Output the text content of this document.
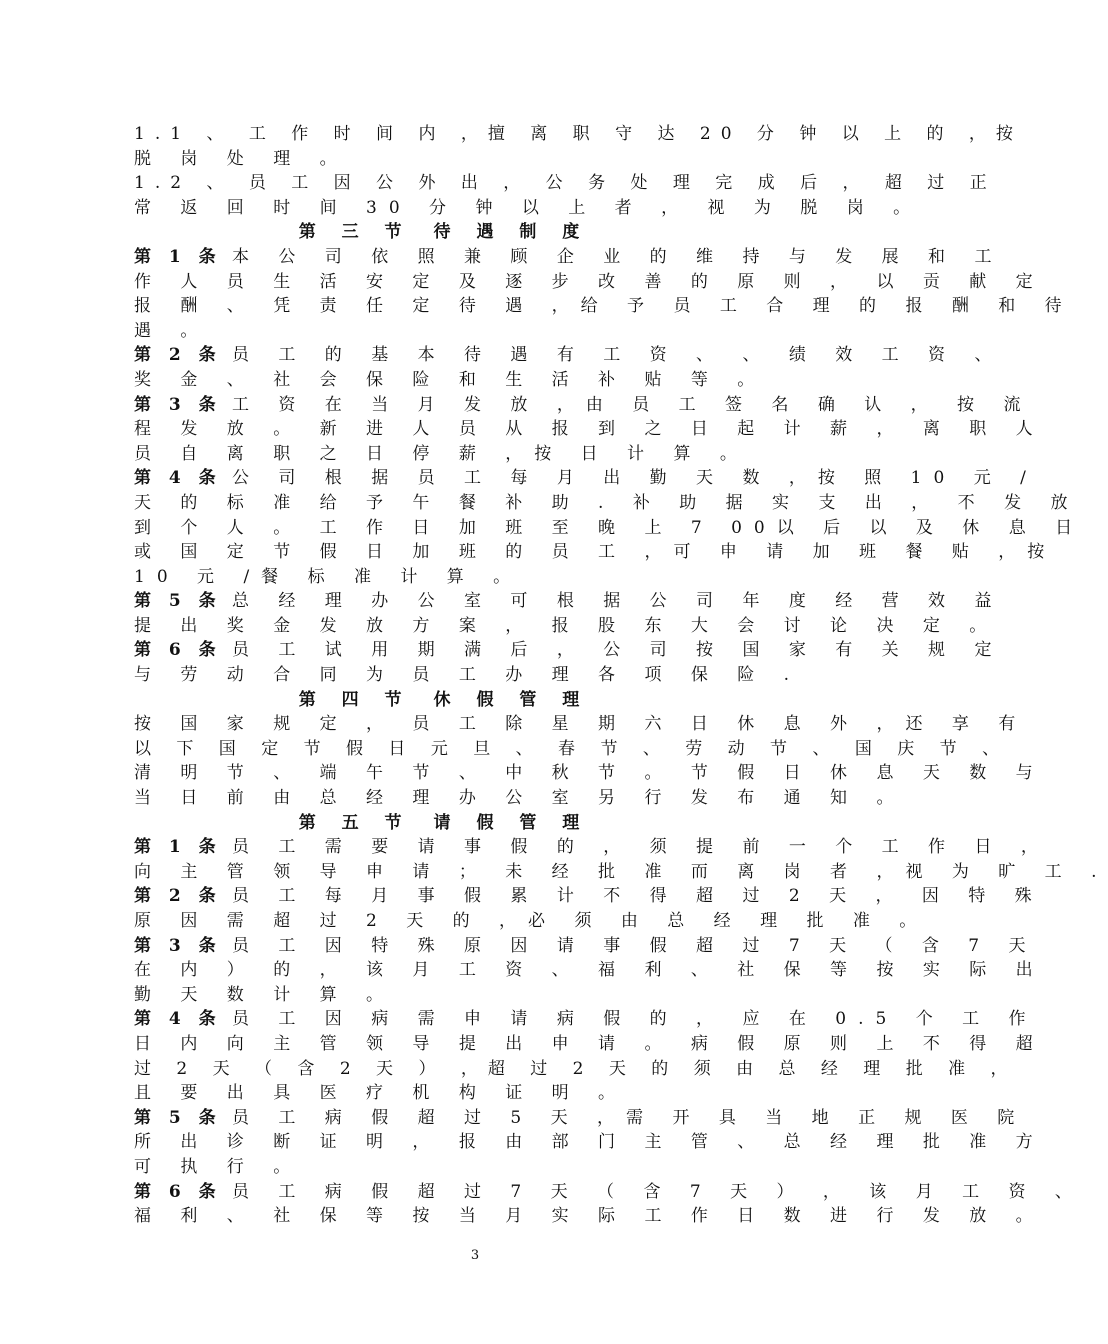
1.1 、 工 作 时 间 内 ，擅 离 职 守 达 20 分 钟 以 上 的 ，按
脱 岗 处 理 。
1.2 、 员 工 因 公 外 出 ， 公 务 处 理 完 成 后 ， 超 过 正
常 返 回 时 间 30 分 钟 以 上 者 ， 视 为 脱 岗 。
第 三 节 待 遇 制 度
第 1 条 本 公 司 依 照 兼 顾 企 业 的 维 持 与 发 展 和 工
作 人 员 生 活 安 定 及 逐 步 改 善 的 原 则 ， 以 贡 献 定
报 酬 、 凭 责 任 定 待 遇 ，给 予 员 工 合 理 的 报 酬 和 待
遇 。
第 2 条 员 工 的 基 本 待 遇 有 工 资 、 、 绩 效 工 资 、
奖 金 、 社 会 保 险 和 生 活 补 贴 等 。
第 3 条 工 资 在 当 月 发 放 ，由 员 工 签 名 确 认 ， 按 流
程 发 放 。 新 进 人 员 从 报 到 之 日 起 计 薪 ， 离 职 人
员 自 离 职 之 日 停 薪 ，按 日 计 算 。
第 4 条 公 司 根 据 员 工 每 月 出 勤 天 数 ，按 照 10 元 /
天 的 标 准 给 予 午 餐 补 助 . 补 助 据 实 支 出 ， 不 发 放
到 个 人 。 工 作 日 加 班 至 晚 上 7 00以 后 以 及 休 息 日
或 国 定 节 假 日 加 班 的 员 工 ，可 申 请 加 班 餐 贴 ，按
10 元 /餐 标 准 计 算 。
第 5 条 总 经 理 办 公 室 可 根 据 公 司 年 度 经 营 效 益
提 出 奖 金 发 放 方 案 ， 报 股 东 大 会 讨 论 决 定 。
第 6 条 员 工 试 用 期 满 后 ， 公 司 按 国 家 有 关 规 定
与 劳 动 合 同 为 员 工 办 理 各 项 保 险 .
第 四 节 休 假 管 理
按 国 家 规 定 ， 员 工 除 星 期 六 日 休 息 外 ，还 享 有
以 下 国 定 节 假 日 元 旦 、 春 节 、 劳 动 节 、 国 庆 节 、
清 明 节 、 端 午 节 、 中 秋 节 。 节 假 日 休 息 天 数 与
当 日 前 由 总 经 理 办 公 室 另 行 发 布 通 知 。
第 五 节 请 假 管 理
第 1 条 员 工 需 要 请 事 假 的 ， 须 提 前 一 个 工 作 日 ，
向 主 管 领 导 申 请 ； 未 经 批 准 而 离 岗 者 ，视 为 旷 工 .
第 2 条 员 工 每 月 事 假 累 计 不 得 超 过 2 天 ， 因 特 殊
原 因 需 超 过 2 天 的 ，必 须 由 总 经 理 批 准 。
第 3 条 员 工 因 特 殊 原 因 请 事 假 超 过 7 天 （ 含 7 天
在 内 ） 的 ， 该 月 工 资 、 福 利 、 社 保 等 按 实 际 出
勤 天 数 计 算 。
第 4 条 员 工 因 病 需 申 请 病 假 的 ， 应 在 0.5 个 工 作
日 内 向 主 管 领 导 提 出 申 请 。 病 假 原 则 上 不 得 超
过 2 天 （ 含 2 天 ） ，超 过 2 天 的 须 由 总 经 理 批 准 ，
且 要 出 具 医 疗 机 构 证 明 。
第 5 条 员 工 病 假 超 过 5 天 ，需 开 具 当 地 正 规 医 院
所 出 诊 断 证 明 ， 报 由 部 门 主 管 、 总 经 理 批 准 方
可 执 行 。
第 6 条 员 工 病 假 超 过 7 天 （ 含 7 天 ） ， 该 月 工 资 、
福 利 、 社 保 等 按 当 月 实 际 工 作 日 数 进 行 发 放 。
3
